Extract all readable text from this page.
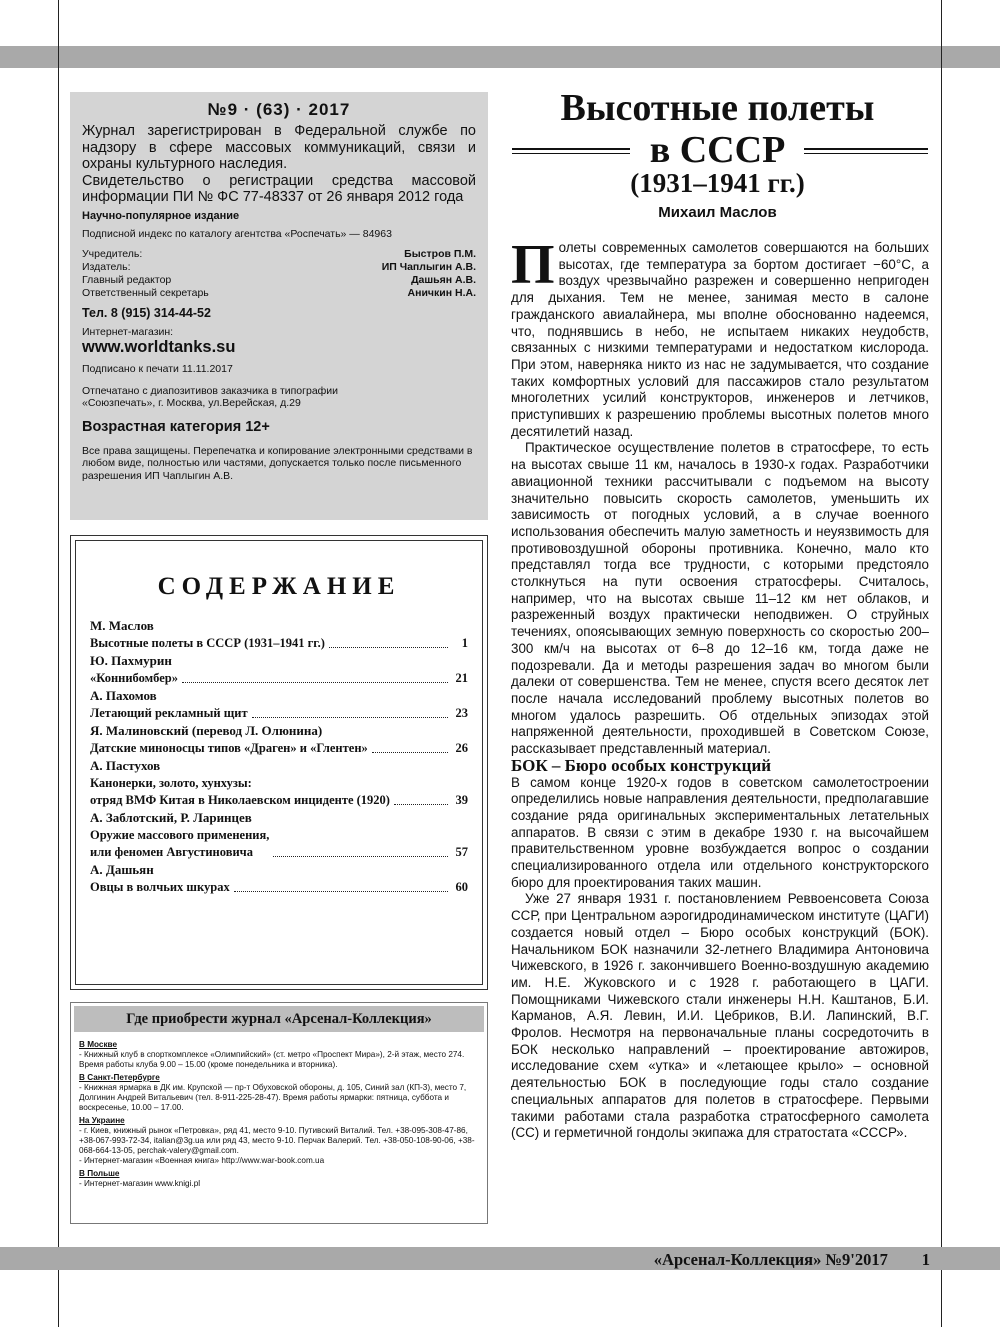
№9 · (63) · 2017
Журнал зарегистрирован в Федеральной службе по надзору в сфере массовых коммуникаций, связи и охраны культурного наследия.
Свидетельство о регистрации средства массовой информации ПИ № ФС 77-48337 от 26 января 2012 года
Научно-популярное издание
Подписной индекс по каталогу агентства «Роспечать» — 84963
Учредитель:	Быстров П.М.
Издатель:	ИП Чаплыгин А.В.
Главный редактор	Дашьян А.В.
Ответственный секретарь	Аничкин Н.А.
Тел. 8 (915) 314-44-52
Интернет-магазин:
www.worldtanks.su
Подписано к печати 11.11.2017
Отпечатано с диапозитивов заказчика в типографии «Союзпечать», г. Москва, ул.Верейская, д.29
Возрастная категория 12+
Все права защищены. Перепечатка и копирование электронными средствами в любом виде, полностью или частями, допускается только после письменного разрешения ИП Чаплыгин А.В.
СОДЕРЖАНИЕ
М. Маслов
Высотные полеты в СССР (1931–1941 гг.)	1
Ю. Пахмурин
«Коннибомбер»	21
А. Пахомов
Летающий рекламный щит	23
Я. Малиновский (перевод Л. Олюнина)
Датские миноносцы типов «Драген» и «Глентен»	26
А. Пастухов
Канонерки, золото, хунхузы:
отряд ВМФ Китая в Николаевском инциденте (1920)	39
А. Заблотский, Р. Ларинцев
Оружие массового применения,
или феномен Августиновича	57
А. Дашьян
Овцы в волчьих шкурах	60
Где приобрести журнал «Арсенал-Коллекция»
В Москве
- Книжный клуб в спорткомплексе «Олимпийский» (ст. метро «Проспект Мира»), 2-й этаж, место 274. Время работы клуба 9.00 – 15.00 (кроме понедельника и вторника).
В Санкт-Петербурге
- Книжная ярмарка в ДК им. Крупской — пр-т Обуховской обороны, д. 105, Синий зал (КП-3), место 7, Долгинин Андрей Витальевич (тел. 8-911-225-28-47). Время работы ярмарки: пятница, суббота и воскресенье, 10.00 – 17.00.
На Украине
- г. Киев, книжный рынок «Петровка», ряд 41, место 9-10. Путивский Виталий. Тел. +38-095-308-47-86, +38-067-993-72-34, italian@3g.ua или ряд 43, место 9-10. Перчак Валерий. Тел. +38-050-108-90-06, +38-068-664-13-05, perchak-valery@gmail.com.
- Интернет-магазин «Военная книга» http://www.war-book.com.ua
В Польше
- Интернет-магазин www.knigi.pl
Высотные полеты
в СССР
(1931–1941 гг.)
Михаил Маслов

Полеты современных самолетов совершаются на больших высотах, где температура за бортом достигает −60°С, а воздух чрезвычайно разрежен и совершенно непригоден для дыхания. Тем не менее, занимая место в салоне гражданского авиалайнера, мы вполне обоснованно надеемся, что, поднявшись в небо, не испытаем никаких неудобств, связанных с низкими температурами и недостатком кислорода. При этом, наверняка никто из нас не задумывается, что создание таких комфортных условий для пассажиров стало результатом многолетних усилий конструкторов, инженеров и летчиков, приступивших к разрешению проблемы высотных полетов много десятилетий назад.

Практическое осуществление полетов в стратосфере, то есть на высотах свыше 11 км, началось в 1930-х годах. Разработчики авиационной техники рассчитывали с подъемом на высоту значительно повысить скорость самолетов, уменьшить их зависимость от погодных условий, а в случае военного использования обеспечить малую заметность и неуязвимость для противовоздушной обороны противника. Конечно, мало кто представлял тогда все трудности, с которыми предстояло столкнуться на пути освоения стратосферы. Считалось, например, что на высотах свыше 11–12 км нет облаков, и разреженный воздух практически неподвижен. О струйных течениях, опоясывающих земную поверхность со скоростью 200–300 км/ч на высотах от 6–8 до 12–16 км, тогда даже не подозревали. Да и методы разрешения задач во многом были далеки от совершенства. Тем не менее, спустя всего десяток лет после начала исследований проблему высотных полетов во многом удалось разрешить. Об отдельных эпизодах этой напряженной деятельности, проходившей в Советском Союзе, рассказывает представленный материал.

БОК – Бюро особых конструкций

В самом конце 1920-х годов в советском самолетостроении определились новые направления деятельности, предполагавшие создание ряда оригинальных экспериментальных летательных аппаратов. В связи с этим в декабре 1930 г. на высочайшем правительственном уровне возбуждается вопрос о создании специализированного отдела или отдельного конструкторского бюро для проектирования таких машин.

Уже 27 января 1931 г. постановлением Реввоенсовета Союза ССР, при Центральном аэрогидродинамическом институте (ЦАГИ) создается новый отдел – Бюро особых конструкций (БОК). Начальником БОК назначили 32-летнего Владимира Антоновича Чижевского, в 1926 г. закончившего Военно-воздушную академию им. Н.Е. Жуковского и с 1928 г. работающего в ЦАГИ. Помощниками Чижевского стали инженеры Н.Н. Каштанов, Б.И. Карманов, А.Я. Левин, И.И. Цебриков, В.И. Лапинский, В.Г. Фролов. Несмотря на первоначальные планы сосредоточить в БОК несколько направлений – проектирование автожиров, исследование схем «утка» и «летающее крыло» – основной деятельностью БОК в последующие годы стало создание специальных аппаратов для полетов в стратосфере. Первыми такими работами стала разработка стратосферного самолета (СС) и герметичной гондолы экипажа для стратостата «СССР».

«Арсенал-Коллекция» №9'2017 1
